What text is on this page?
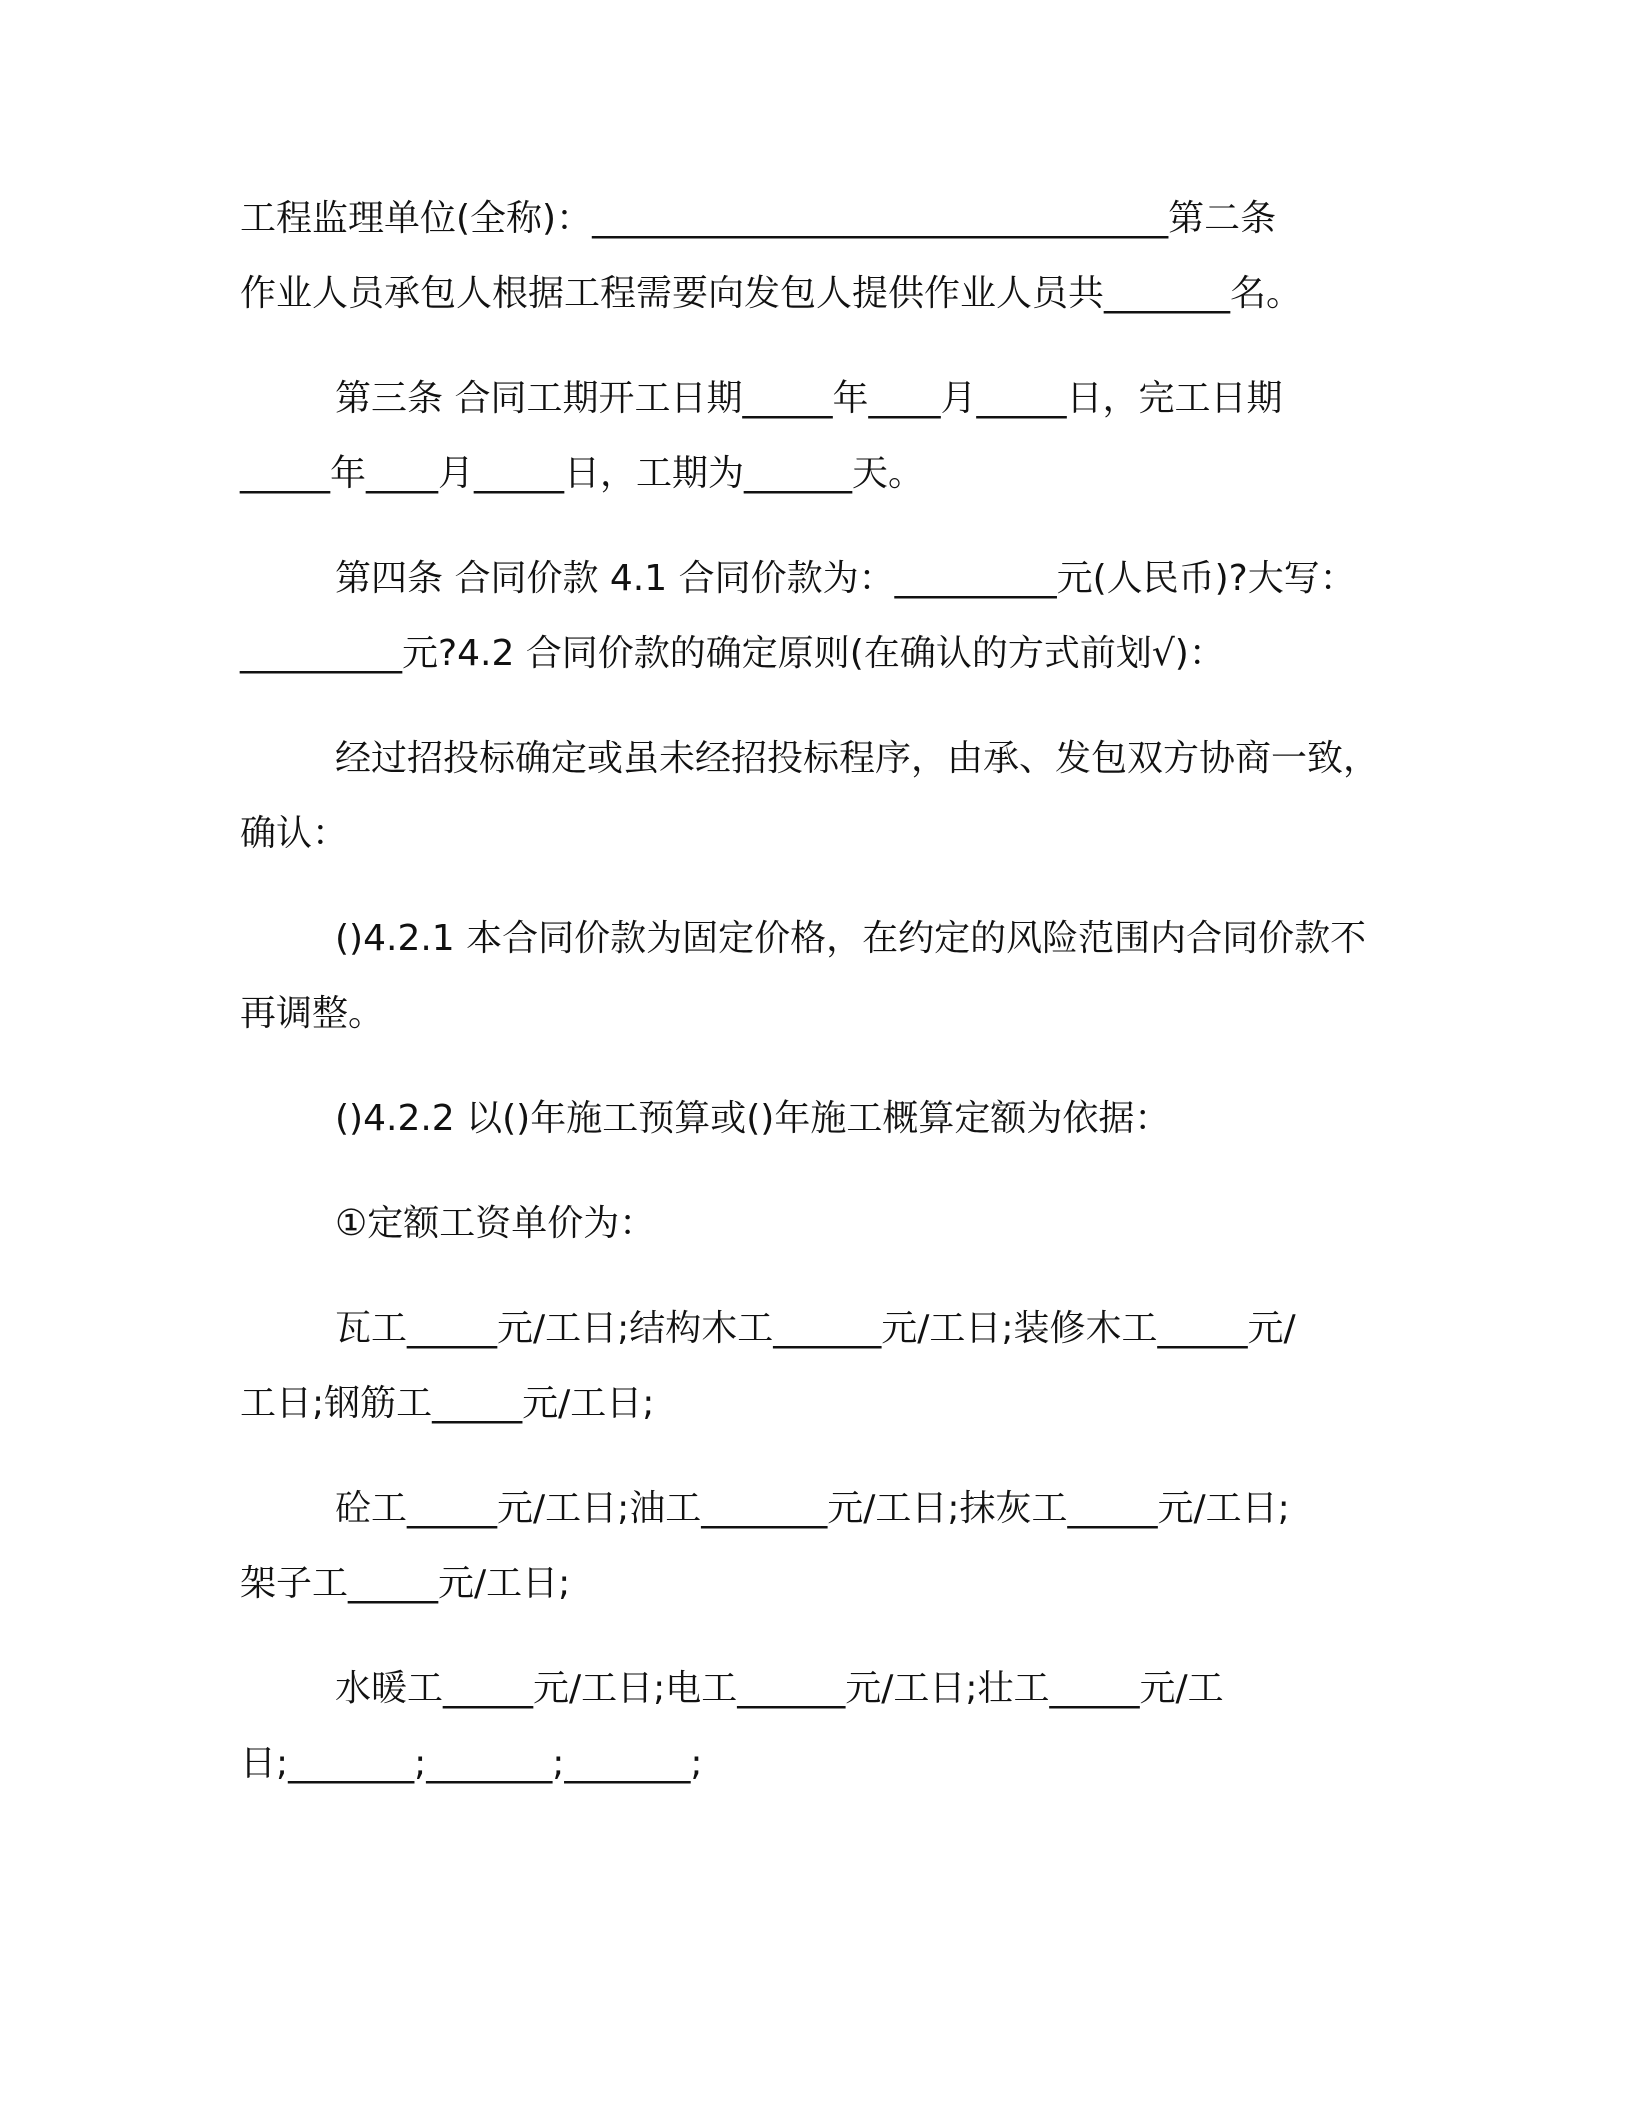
工程监理单位(全称)：________________________________第二条
作业人员承包人根据工程需要向发包人提供作业人员共_______名。
第三条 合同工期开工日期_____年____月_____日，完工日期
_____年____月_____日，工期为______天。
第四条 合同价款 4.1 合同价款为：_________元(人民币)?大写：
_________元?4.2 合同价款的确定原则(在确认的方式前划√)：
经过招投标确定或虽未经招投标程序，由承、发包双方协商一致，
确认：
()4.2.1 本合同价款为固定价格，在约定的风险范围内合同价款不
再调整。
()4.2.2 以()年施工预算或()年施工概算定额为依据：
①定额工资单价为：
瓦工_____元/工日;结构木工______元/工日;装修木工_____元/
工日;钢筋工_____元/工日;
砼工_____元/工日;油工_______元/工日;抹灰工_____元/工日;
架子工_____元/工日;
水暖工_____元/工日;电工______元/工日;壮工_____元/工
日;_______;_______;_______;
